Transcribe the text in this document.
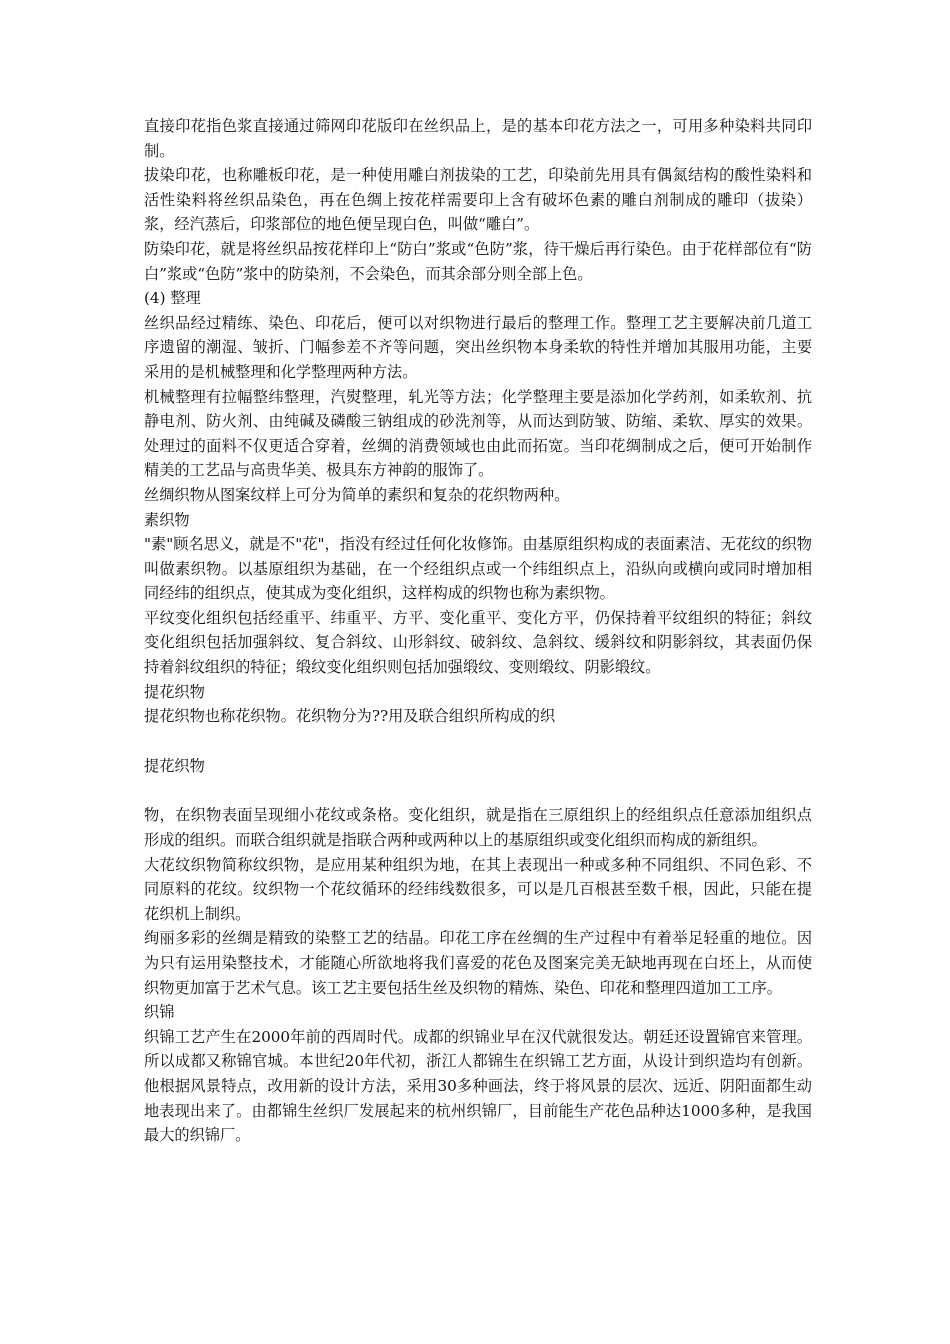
直接印花指色浆直接通过筛网印花版印在丝织品上，是的基本印花方法之一，可用多种染料共同印制。

拔染印花，也称雕板印花，是一种使用雕白剂拔染的工艺，印染前先用具有偶氮结构的酸性染料和活性染料将丝织品染色，再在色绸上按花样需要印上含有破坏色素的雕白剂制成的雕印（拔染）浆，经汽蒸后，印浆部位的地色便呈现白色，叫做“雕白”。

防染印花，就是将丝织品按花样印上“防白”浆或“色防”浆，待干燥后再行染色。由于花样部位有“防白”浆或“色防”浆中的防染剂，不会染色，而其余部分则全部上色。

(4) 整理

丝织品经过精练、染色、印花后，便可以对织物进行最后的整理工作。整理工艺主要解决前几道工序遗留的潮湿、皱折、门幅参差不齐等问题，突出丝织物本身柔软的特性并增加其服用功能，主要采用的是机械整理和化学整理两种方法。

机械整理有拉幅整纬整理，汽熨整理，轧光等方法；化学整理主要是添加化学药剂，如柔软剂、抗静电剂、防火剂、由纯碱及磷酸三钠组成的砂洗剂等，从而达到防皱、防缩、柔软、厚实的效果。处理过的面料不仅更适合穿着，丝绸的消费领域也由此而拓宽。当印花绸制成之后，便可开始制作精美的工艺品与高贵华美、极具东方神韵的服饰了。

丝绸织物从图案纹样上可分为简单的素织和复杂的花织物两种。

素织物

"素"顾名思义，就是不"花"，指没有经过任何化妆修饰。由基原组织构成的表面素洁、无花纹的织物叫做素织物。以基原组织为基础，在一个经组织点或一个纬组织点上，沿纵向或横向或同时增加相同经纬的组织点，使其成为变化组织，这样构成的织物也称为素织物。

平纹变化组织包括经重平、纬重平、方平、变化重平、变化方平，仍保持着平纹组织的特征；斜纹变化组织包括加强斜纹、复合斜纹、山形斜纹、破斜纹、急斜纹、缓斜纹和阴影斜纹，其表面仍保持着斜纹组织的特征；缎纹变化组织则包括加强缎纹、变则缎纹、阴影缎纹。

提花织物

提花织物也称花织物。花织物分为??用及联合组织所构成的织

提花织物

物，在织物表面呈现细小花纹或条格。变化组织，就是指在三原组织上的经组织点任意添加组织点形成的组织。而联合组织就是指联合两种或两种以上的基原组织或变化组织而构成的新组织。

大花纹织物简称纹织物，是应用某种组织为地，在其上表现出一种或多种不同组织、不同色彩、不同原料的花纹。纹织物一个花纹循环的经纬线数很多，可以是几百根甚至数千根，因此，只能在提花织机上制织。

绚丽多彩的丝绸是精致的染整工艺的结晶。印花工序在丝绸的生产过程中有着举足轻重的地位。因为只有运用染整技术，才能随心所欲地将我们喜爱的花色及图案完美无缺地再现在白坯上，从而使织物更加富于艺术气息。该工艺主要包括生丝及织物的精炼、染色、印花和整理四道加工工序。

织锦

织锦工艺产生在2000年前的西周时代。成都的织锦业早在汉代就很发达。朝廷还设置锦官来管理。所以成都又称锦官城。本世纪20年代初，浙江人都锦生在织锦工艺方面，从设计到织造均有创新。他根据风景特点，改用新的设计方法，采用30多种画法，终于将风景的层次、远近、阴阳面都生动地表现出来了。由都锦生丝织厂发展起来的杭州织锦厂，目前能生产花色品种达1000多种，是我国最大的织锦厂。
